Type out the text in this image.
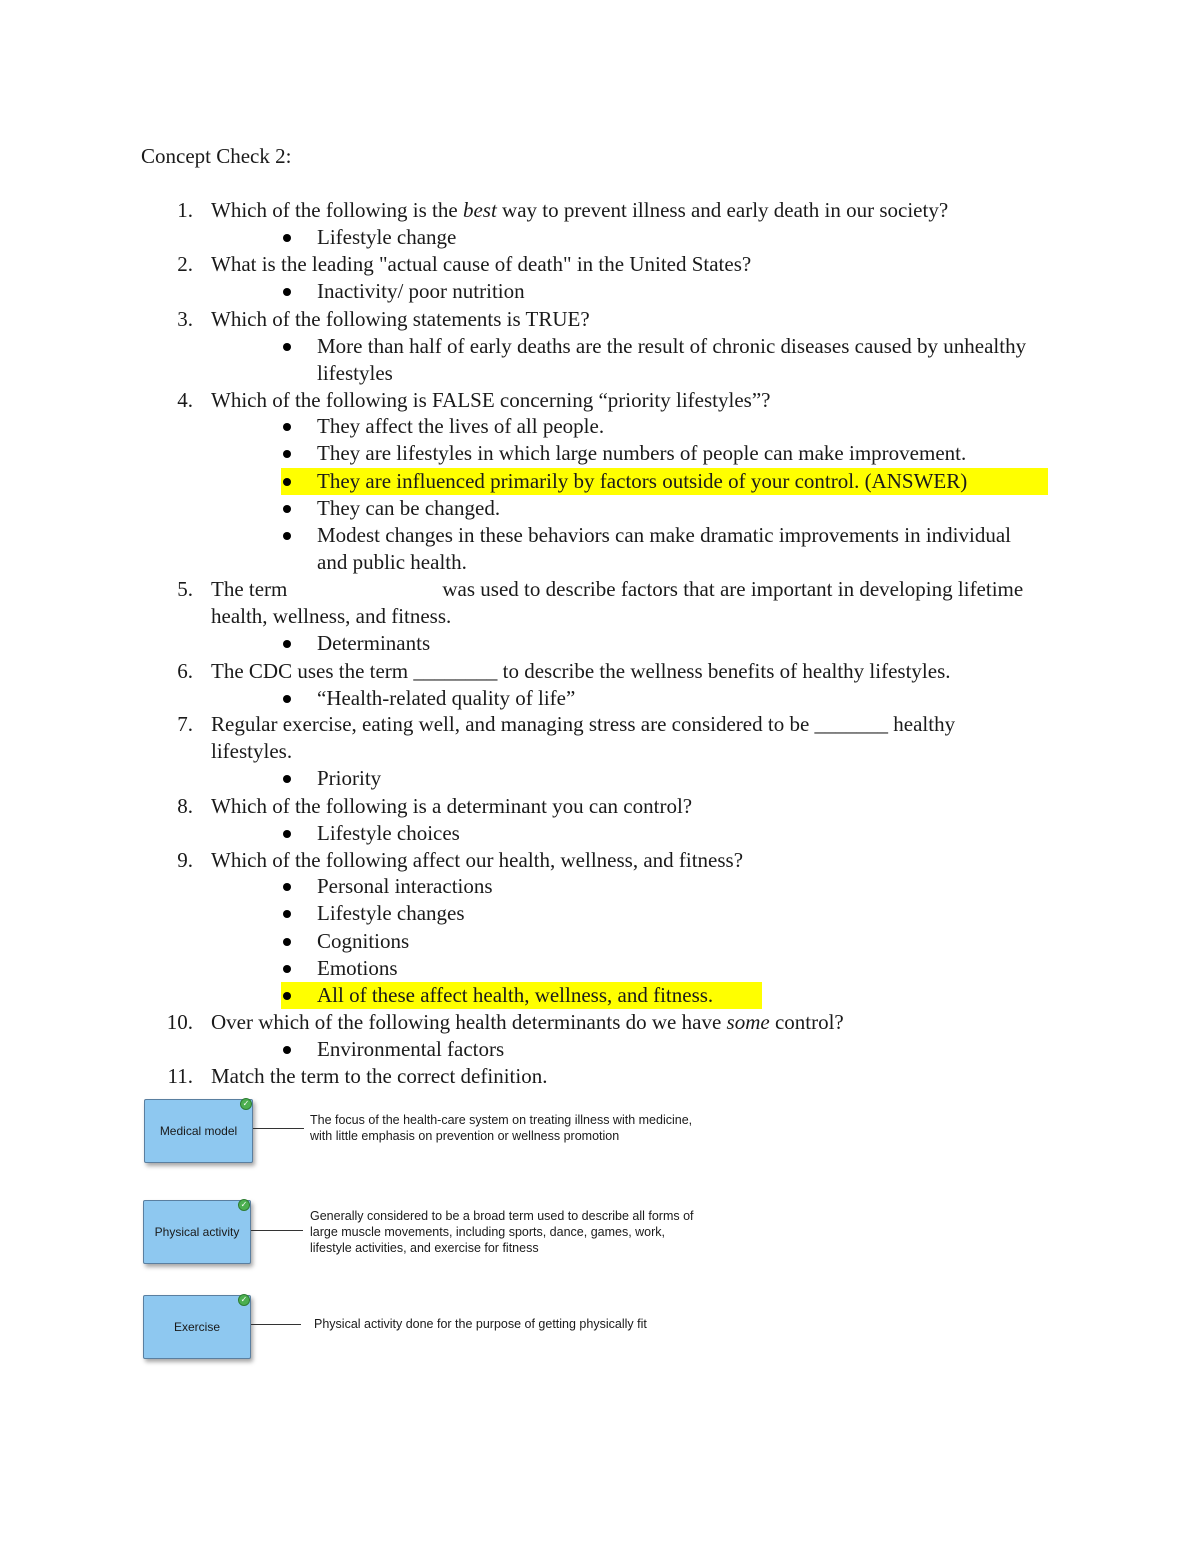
Concept Check 2:
1. Which of the following is the best way to prevent illness and early death in our society?
Lifestyle change
2. What is the leading "actual cause of death" in the United States?
Inactivity/ poor nutrition
3. Which of the following statements is TRUE?
More than half of early deaths are the result of chronic diseases caused by unhealthy lifestyles
4. Which of the following is FALSE concerning “priority lifestyles”?
They affect the lives of all people.
They are lifestyles in which large numbers of people can make improvement.
They are influenced primarily by factors outside of your control. (ANSWER)
They can be changed.
Modest changes in these behaviors can make dramatic improvements in individual and public health.
5. The term	was used to describe factors that are important in developing lifetime
health, wellness, and fitness.
Determinants
6. The CDC uses the term ________ to describe the wellness benefits of healthy lifestyles.
“Health-related quality of life”
7. Regular exercise, eating well, and managing stress are considered to be _______ healthy
lifestyles.
Priority
8. Which of the following is a determinant you can control?
Lifestyle choices
9. Which of the following affect our health, wellness, and fitness?
Personal interactions
Lifestyle changes
Cognitions
Emotions
All of these affect health, wellness, and fitness.
10. Over which of the following health determinants do we have some control?
Environmental factors
11. Match the term to the correct definition.
Medical model
✓
The focus of the health-care system on treating illness with medicine, with little emphasis on prevention or wellness promotion
Physical activity
✓
Generally considered to be a broad term used to describe all forms of large muscle movements, including sports, dance, games, work, lifestyle activities, and exercise for fitness
Exercise
✓
Physical activity done for the purpose of getting physically fit
